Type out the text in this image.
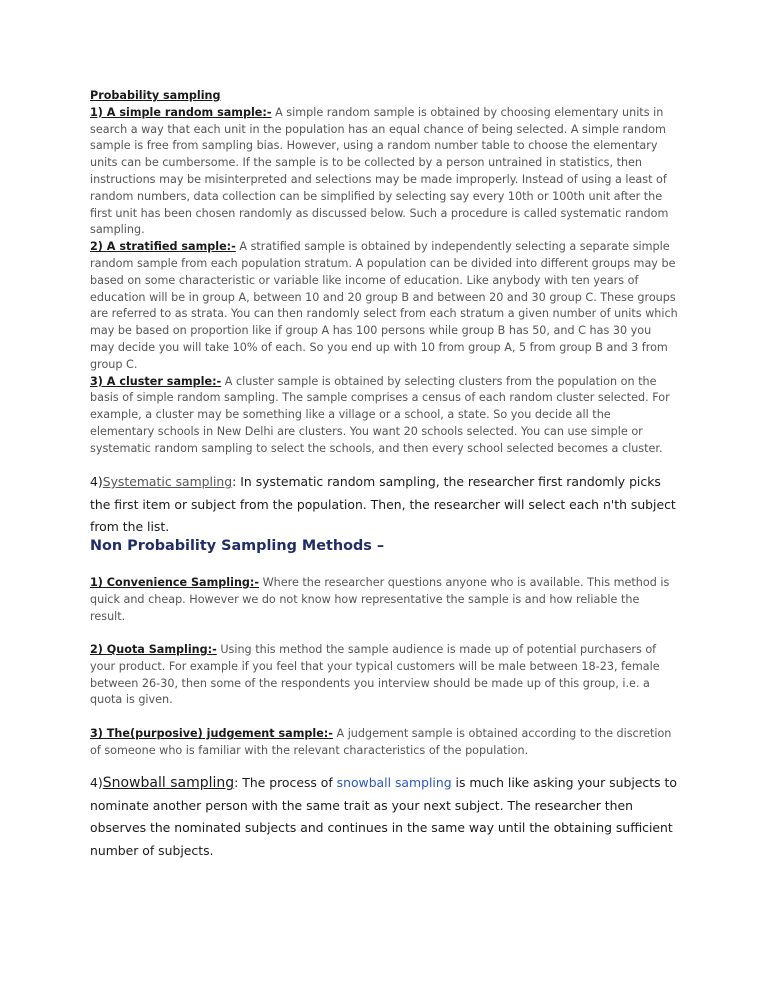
Probability sampling
1) A simple random sample:- A simple random sample is obtained by choosing elementary units in search a way that each unit in the population has an equal chance of being selected. A simple random sample is free from sampling bias. However, using a random number table to choose the elementary units can be cumbersome. If the sample is to be collected by a person untrained in statistics, then instructions may be misinterpreted and selections may be made improperly. Instead of using a least of random numbers, data collection can be simplified by selecting say every 10th or 100th unit after the first unit has been chosen randomly as discussed below. Such a procedure is called systematic random sampling.
2) A stratified sample:- A stratified sample is obtained by independently selecting a separate simple random sample from each population stratum. A population can be divided into different groups may be based on some characteristic or variable like income of education. Like anybody with ten years of education will be in group A, between 10 and 20 group B and between 20 and 30 group C. These groups are referred to as strata. You can then randomly select from each stratum a given number of units which may be based on proportion like if group A has 100 persons while group B has 50, and C has 30 you may decide you will take 10% of each. So you end up with 10 from group A, 5 from group B and 3 from group C.
3) A cluster sample:- A cluster sample is obtained by selecting clusters from the population on the basis of simple random sampling. The sample comprises a census of each random cluster selected. For example, a cluster may be something like a village or a school, a state. So you decide all the elementary schools in New Delhi are clusters. You want 20 schools selected. You can use simple or systematic random sampling to select the schools, and then every school selected becomes a cluster.
4)Systematic sampling: In systematic random sampling, the researcher first randomly picks the first item or subject from the population. Then, the researcher will select each n'th subject from the list.
Non Probability Sampling Methods –
1) Convenience Sampling:- Where the researcher questions anyone who is available. This method is quick and cheap. However we do not know how representative the sample is and how reliable the result.
2) Quota Sampling:- Using this method the sample audience is made up of potential purchasers of your product. For example if you feel that your typical customers will be male between 18-23, female between 26-30, then some of the respondents you interview should be made up of this group, i.e. a quota is given.
3) The(purposive) judgement sample:- A judgement sample is obtained according to the discretion of someone who is familiar with the relevant characteristics of the population.
4)Snowball sampling: The process of snowball sampling is much like asking your subjects to nominate another person with the same trait as your next subject. The researcher then observes the nominated subjects and continues in the same way until the obtaining sufficient number of subjects.
